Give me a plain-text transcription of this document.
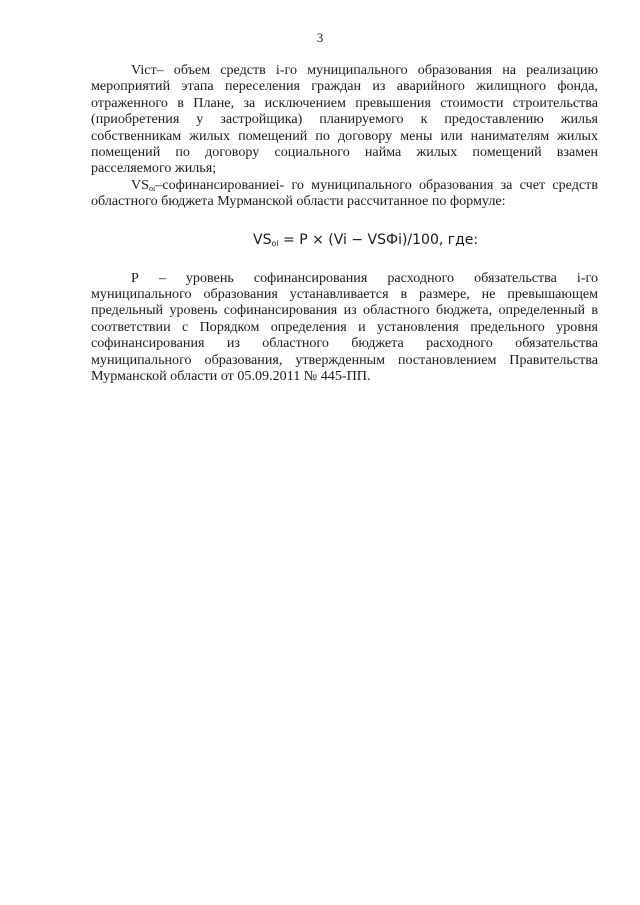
3

Viст– объем средств i-го муниципального образования на реализацию мероприятий этапа переселения граждан из аварийного жилищного фонда, отраженного в Плане, за исключением превышения стоимости строительства (приобретения у застройщика) планируемого к предоставлению жилья собственникам жилых помещений по договору мены или нанимателям жилых помещений по договору социального найма жилых помещений взамен расселяемого жилья;

$VS_{oi}-софинансированиеi-$ го муниципального образования за счет средств областного бюджета Мурманской области рассчитанное по формуле:

$VS_{oi} = P \times (Vi$ − VSФi)/100, где:

Р – уровень софинансирования расходного обязательства i-го муниципального образования устанавливается в размере, не превышающем предельный уровень софинансирования из областного бюджета, определенный в соответствии с Порядком определения и установления предельного уровня софинансирования из областного бюджета расходного обязательства муниципального образования, утвержденным постановлением Правительства Мурманской области от 05.09.2011 № 445-ПП.
